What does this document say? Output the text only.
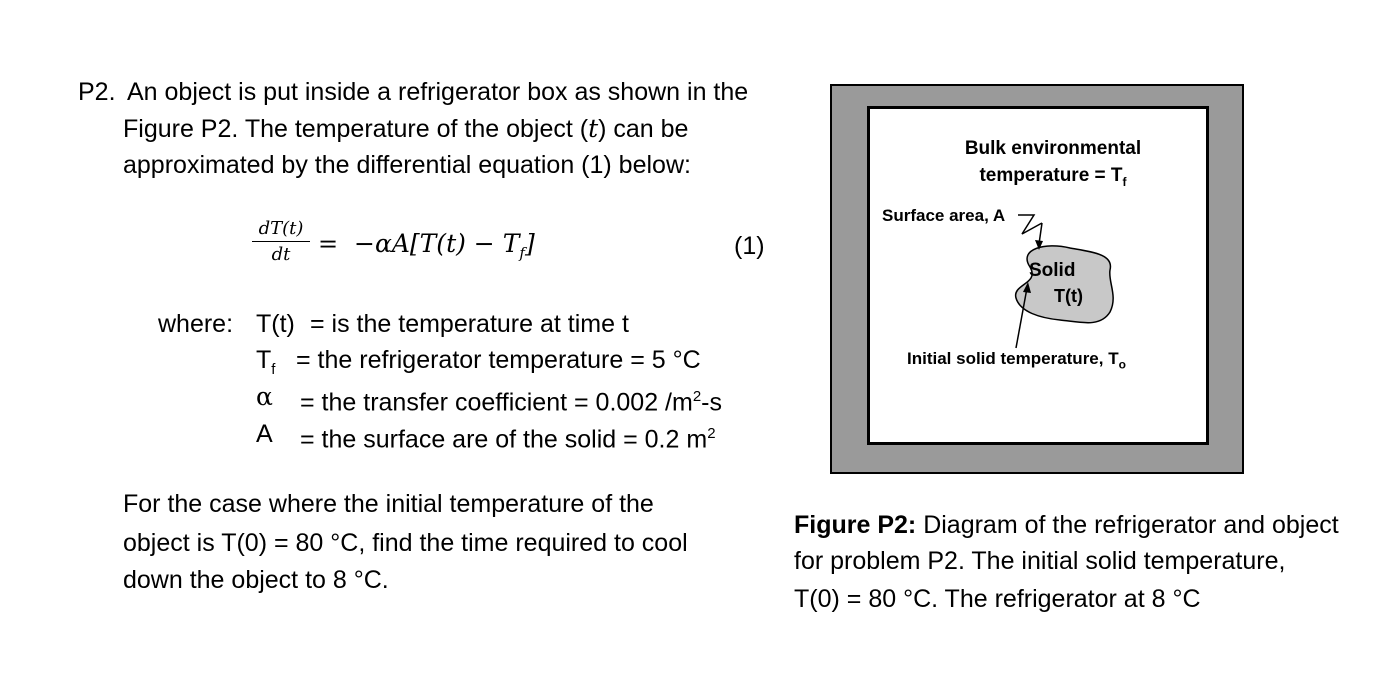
P2. An object is put inside a refrigerator box as shown in the
Figure P2. The temperature of the object (t) can be
approximated by the differential equation (1) below:
dT(t)
dt	= $-\alpha A[T(t) - T_f]$	(1)
where: T(t) = is the temperature at time t
$T_f$ = the refrigerator temperature = 5 °C
α = the transfer coefficient = 0.002 $/m^2-s$
A = the surface are of the solid = 0.2 $m^2$
For the case where the initial temperature of the
object is T(0) = 80 °C, find the time required to cool
down the object to 8 °C.
Bulk environmental
temperature = $T_f$
Surface area, A
Solid
T(t)
Initial solid temperature, $T_o$
Figure P2: Diagram of the refrigerator and object
for problem P2. The initial solid temperature,
T(0) = 80 °C. The refrigerator at 8 °C
